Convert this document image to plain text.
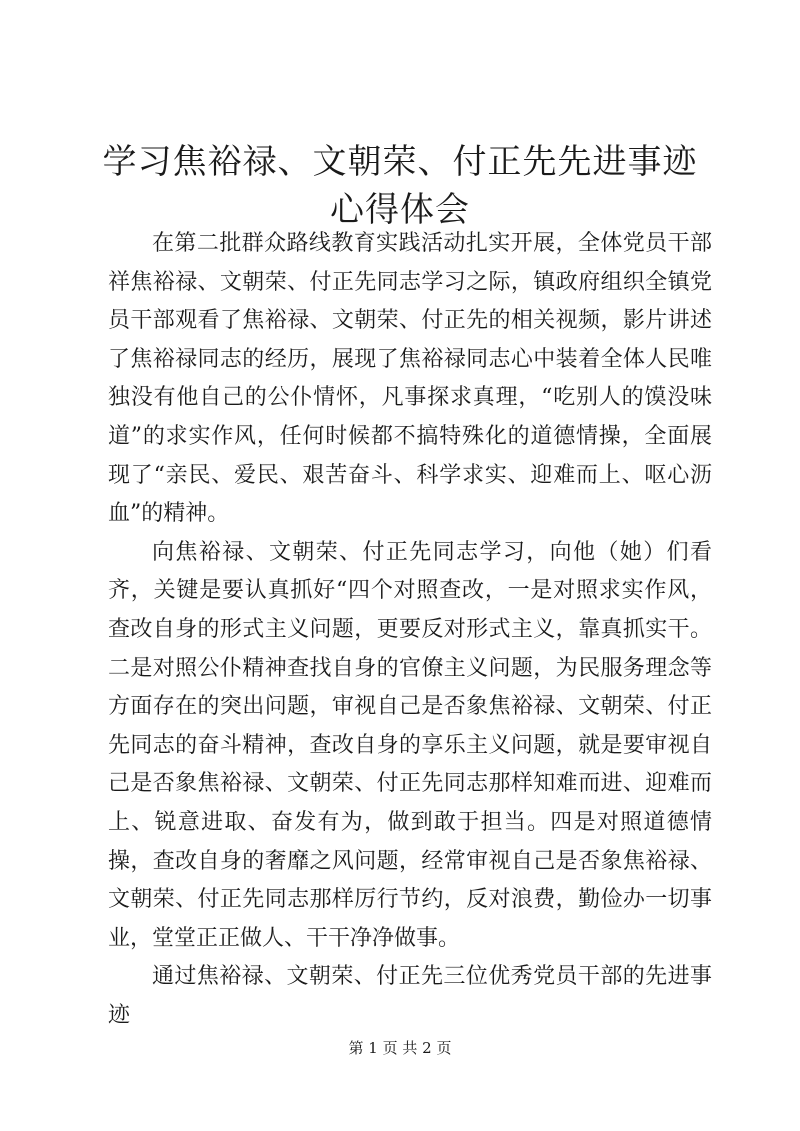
学习焦裕禄、文朝荣、付正先先进事迹心得体会

在第二批群众路线教育实践活动扎实开展，全体党员干部祥焦裕禄、文朝荣、付正先同志学习之际，镇政府组织全镇党员干部观看了焦裕禄、文朝荣、付正先的相关视频，影片讲述了焦裕禄同志的经历，展现了焦裕禄同志心中装着全体人民唯独没有他自己的公仆情怀，凡事探求真理，“吃别人的馍没味道”的求实作风，任何时候都不搞特殊化的道德情操，全面展现了“亲民、爱民、艰苦奋斗、科学求实、迎难而上、呕心沥血”的精神。

向焦裕禄、文朝荣、付正先同志学习，向他（她）们看齐，关键是要认真抓好“四个对照查改，一是对照求实作风，查改自身的形式主义问题，更要反对形式主义，靠真抓实干。二是对照公仆精神查找自身的官僚主义问题，为民服务理念等方面存在的突出问题，审视自己是否象焦裕禄、文朝荣、付正先同志的奋斗精神，查改自身的享乐主义问题，就是要审视自己是否象焦裕禄、文朝荣、付正先同志那样知难而进、迎难而上、锐意进取、奋发有为，做到敢于担当。四是对照道德情操，查改自身的奢靡之风问题，经常审视自己是否象焦裕禄、文朝荣、付正先同志那样厉行节约，反对浪费，勤俭办一切事业，堂堂正正做人、干干净净做事。

通过焦裕禄、文朝荣、付正先三位优秀党员干部的先进事迹

第 1 页 共 2 页
